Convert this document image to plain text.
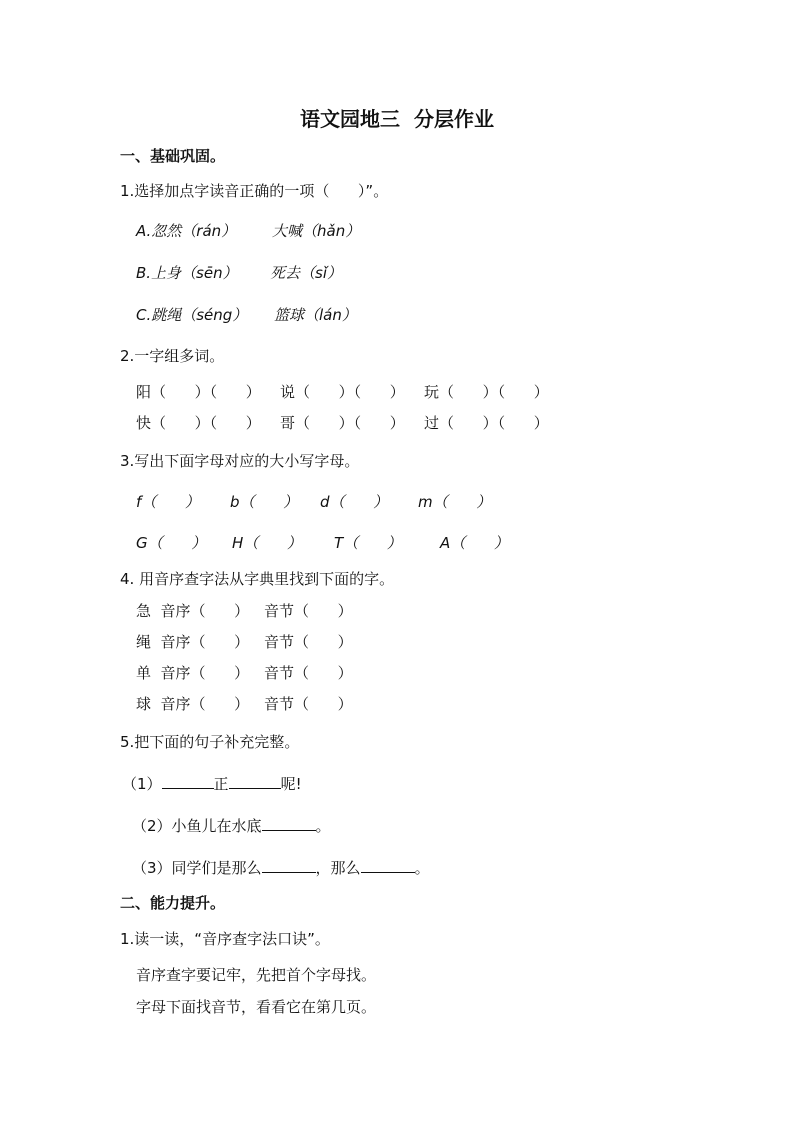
语文园地三  分层作业
一、基础巩固。
1.选择加点字读音正确的一项（      ）”。
A.忽然（rán） 大喊（hǎn）
B.上身（sēn） 死去（sǐ）
C.跳绳（séng） 篮球（lán）
2.一字组多词。
阳（      ）（      ） 说（      ）（      ） 玩（      ）（      ）
快（      ）（      ） 哥（      ）（      ） 过（      ）（      ）
3.写出下面字母对应的大小写字母。
f（      ） b（      ） d（      ） m（      ）
G（      ） H（      ） T（      ）	A（      ）
4. 用音序查字法从字典里找到下面的字。
急  音序（      ） 音节（      ）
绳  音序（      ） 音节（      ）
单  音序（      ） 音节（      ）
球  音序（      ） 音节（      ）
5.把下面的句子补充完整。
（1）	正	呢!
（2）小鱼儿在水底	。
（3）同学们是那么	，那么	。
二、能力提升。
1.读一读，“音序查字法口诀”。
音序查字要记牢，先把首个字母找。
字母下面找音节，看看它在第几页。
